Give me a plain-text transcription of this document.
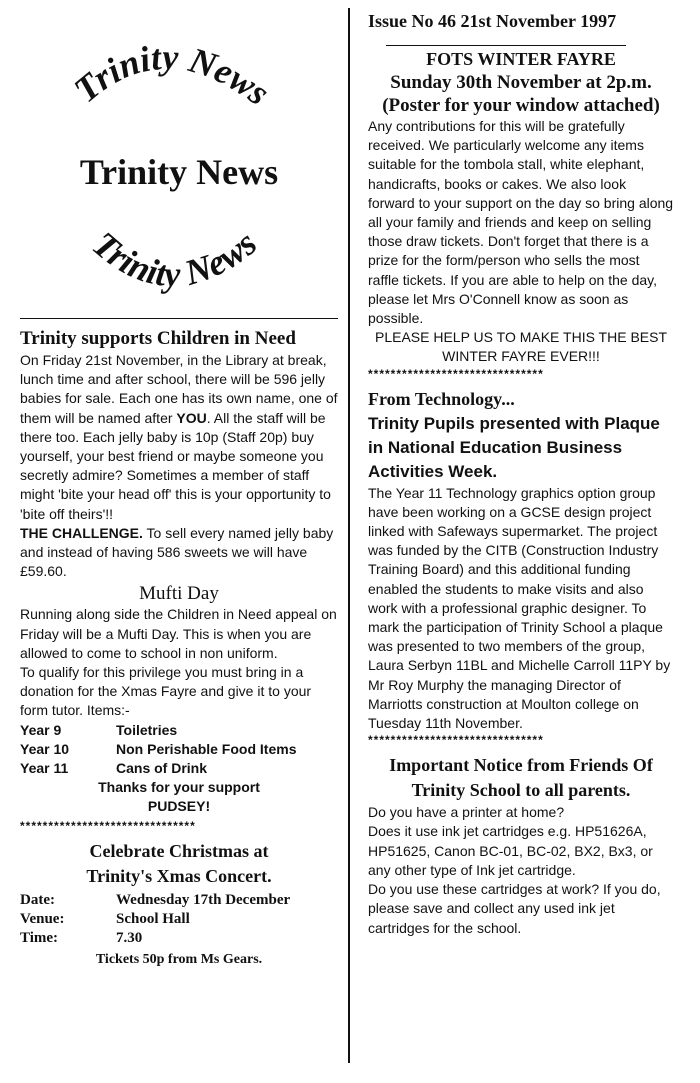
Trinity News
Trinity News
Trinity News
Trinity supports Children in Need

On Friday 21st November, in the Library at break, lunch time and after school, there will be 596 jelly babies for sale. Each one has its own name, one of them will be named after YOU. All the staff will be there too. Each jelly baby is 10p (Staff 20p) buy yourself, your best friend or maybe someone you secretly admire? Sometimes a member of staff might 'bite your head off' this is your opportunity to 'bite off theirs'!!

THE CHALLENGE. To sell every named jelly baby and instead of having 586 sweets we will have £59.60.

Mufti Day

Running along side the Children in Need appeal on Friday will be a Mufti Day. This is when you are allowed to come to school in non uniform.

To qualify for this privilege you must bring in a donation for the Xmas Fayre and give it to your form tutor. Items:-

Year 9	Toiletries
Year 10	Non Perishable Food Items
Year 11	Cans of Drink

Thanks for your support

PUDSEY!

*******************************
Celebrate Christmas at
Trinity's Xmas Concert.
Date:	Wednesday 17th December
Venue:	School Hall
Time:	7.30
Tickets 50p from Ms Gears.
Issue No 46 21st November 1997
FOTS WINTER FAYRE
Sunday 30th November at 2p.m.
(Poster for your window attached)

Any contributions for this will be gratefully received. We particularly welcome any items suitable for the tombola stall, white elephant, handicrafts, books or cakes. We also look forward to your support on the day so bring along all your family and friends and keep on selling those draw tickets. Don't forget that there is a prize for the form/person who sells the most raffle tickets. If you are able to help on the day, please let Mrs O'Connell know as soon as possible.

PLEASE HELP US TO MAKE THIS THE BEST WINTER FAYRE EVER!!!

*******************************
From Technology...
Trinity Pupils presented with Plaque in National Education Business Activities Week.

The Year 11 Technology graphics option group have been working on a GCSE design project linked with Safeways supermarket. The project was funded by the CITB (Construction Industry Training Board) and this additional funding enabled the students to make visits and also work with a professional graphic designer. To mark the participation of Trinity School a plaque was presented to two members of the group, Laura Serbyn 11BL and Michelle Carroll 11PY by Mr Roy Murphy the managing Director of Marriotts construction at Moulton college on Tuesday 11th November.

*******************************
Important Notice from Friends Of
Trinity School to all parents.

Do you have a printer at home?

Does it use ink jet cartridges e.g. HP51626A, HP51625, Canon BC-01, BC-02, BX2, Bx3, or any other type of Ink jet cartridge.

Do you use these cartridges at work? If you do, please save and collect any used ink jet cartridges for the school.
